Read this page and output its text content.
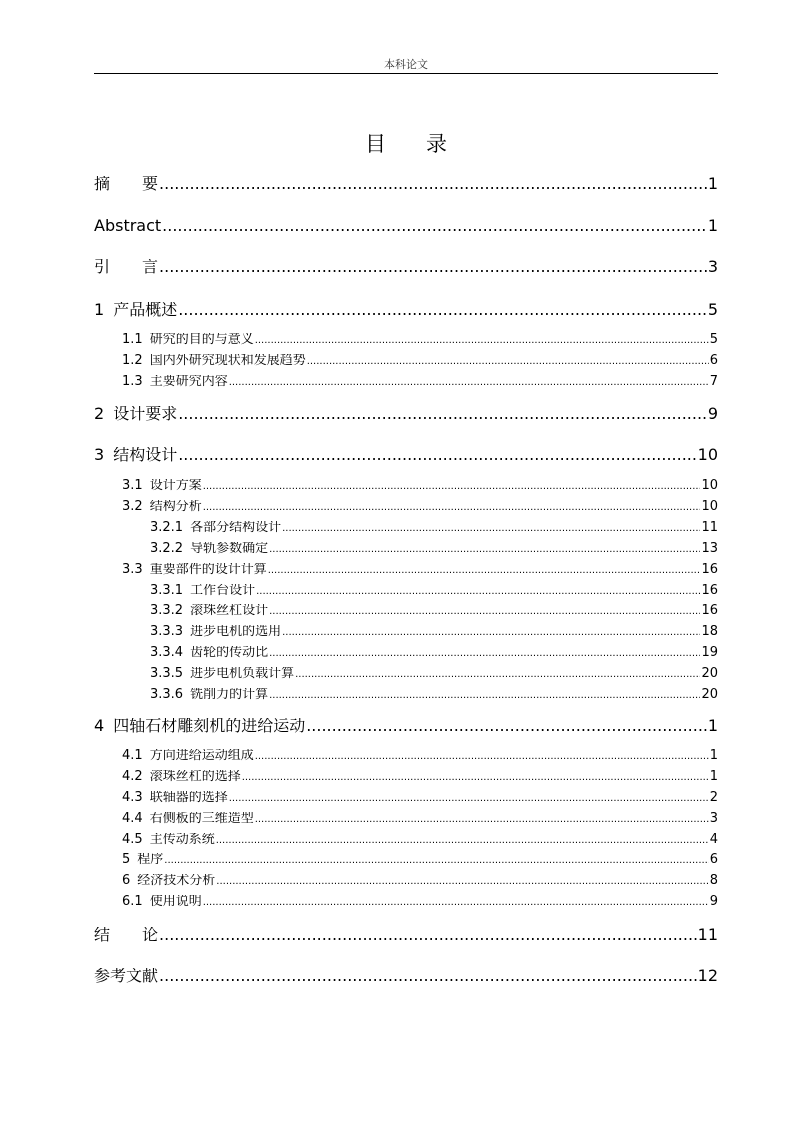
本科论文
目 录
摘　　要 .....	1
Abstract .....	1
引　　言 .....	3
1 产品概述 .....	5
1.1 研究的目的与意义 .....	5
1.2 国内外研究现状和发展趋势 .....	6
1.3 主要研究内容 .....	7
2 设计要求 .....	9
3 结构设计 .....	10
3.1 设计方案 .....	10
3.2 结构分析 .....	10
3.2.1 各部分结构设计 .....	11
3.2.2 导轨参数确定 .....	13
3.3 重要部件的设计计算 .....	16
3.3.1 工作台设计 .....	16
3.3.2 滚珠丝杠设计 .....	16
3.3.3 进步电机的选用 .....	18
3.3.4 齿轮的传动比 .....	19
3.3.5 进步电机负载计算 .....	20
3.3.6 铣削力的计算 .....	20
4 四轴石材雕刻机的进给运动 .....	1
4.1 方向进给运动组成 .....	1
4.2 滚珠丝杠的选择 .....	1
4.3 联轴器的选择 .....	2
4.4 右侧板的三维造型 .....	3
4.5 主传动系统 .....	4
5 程序 .....	6
6 经济技术分析 .....	8
6.1 使用说明 .....	9
结　　论 .....	11
参考文献 .....	12
